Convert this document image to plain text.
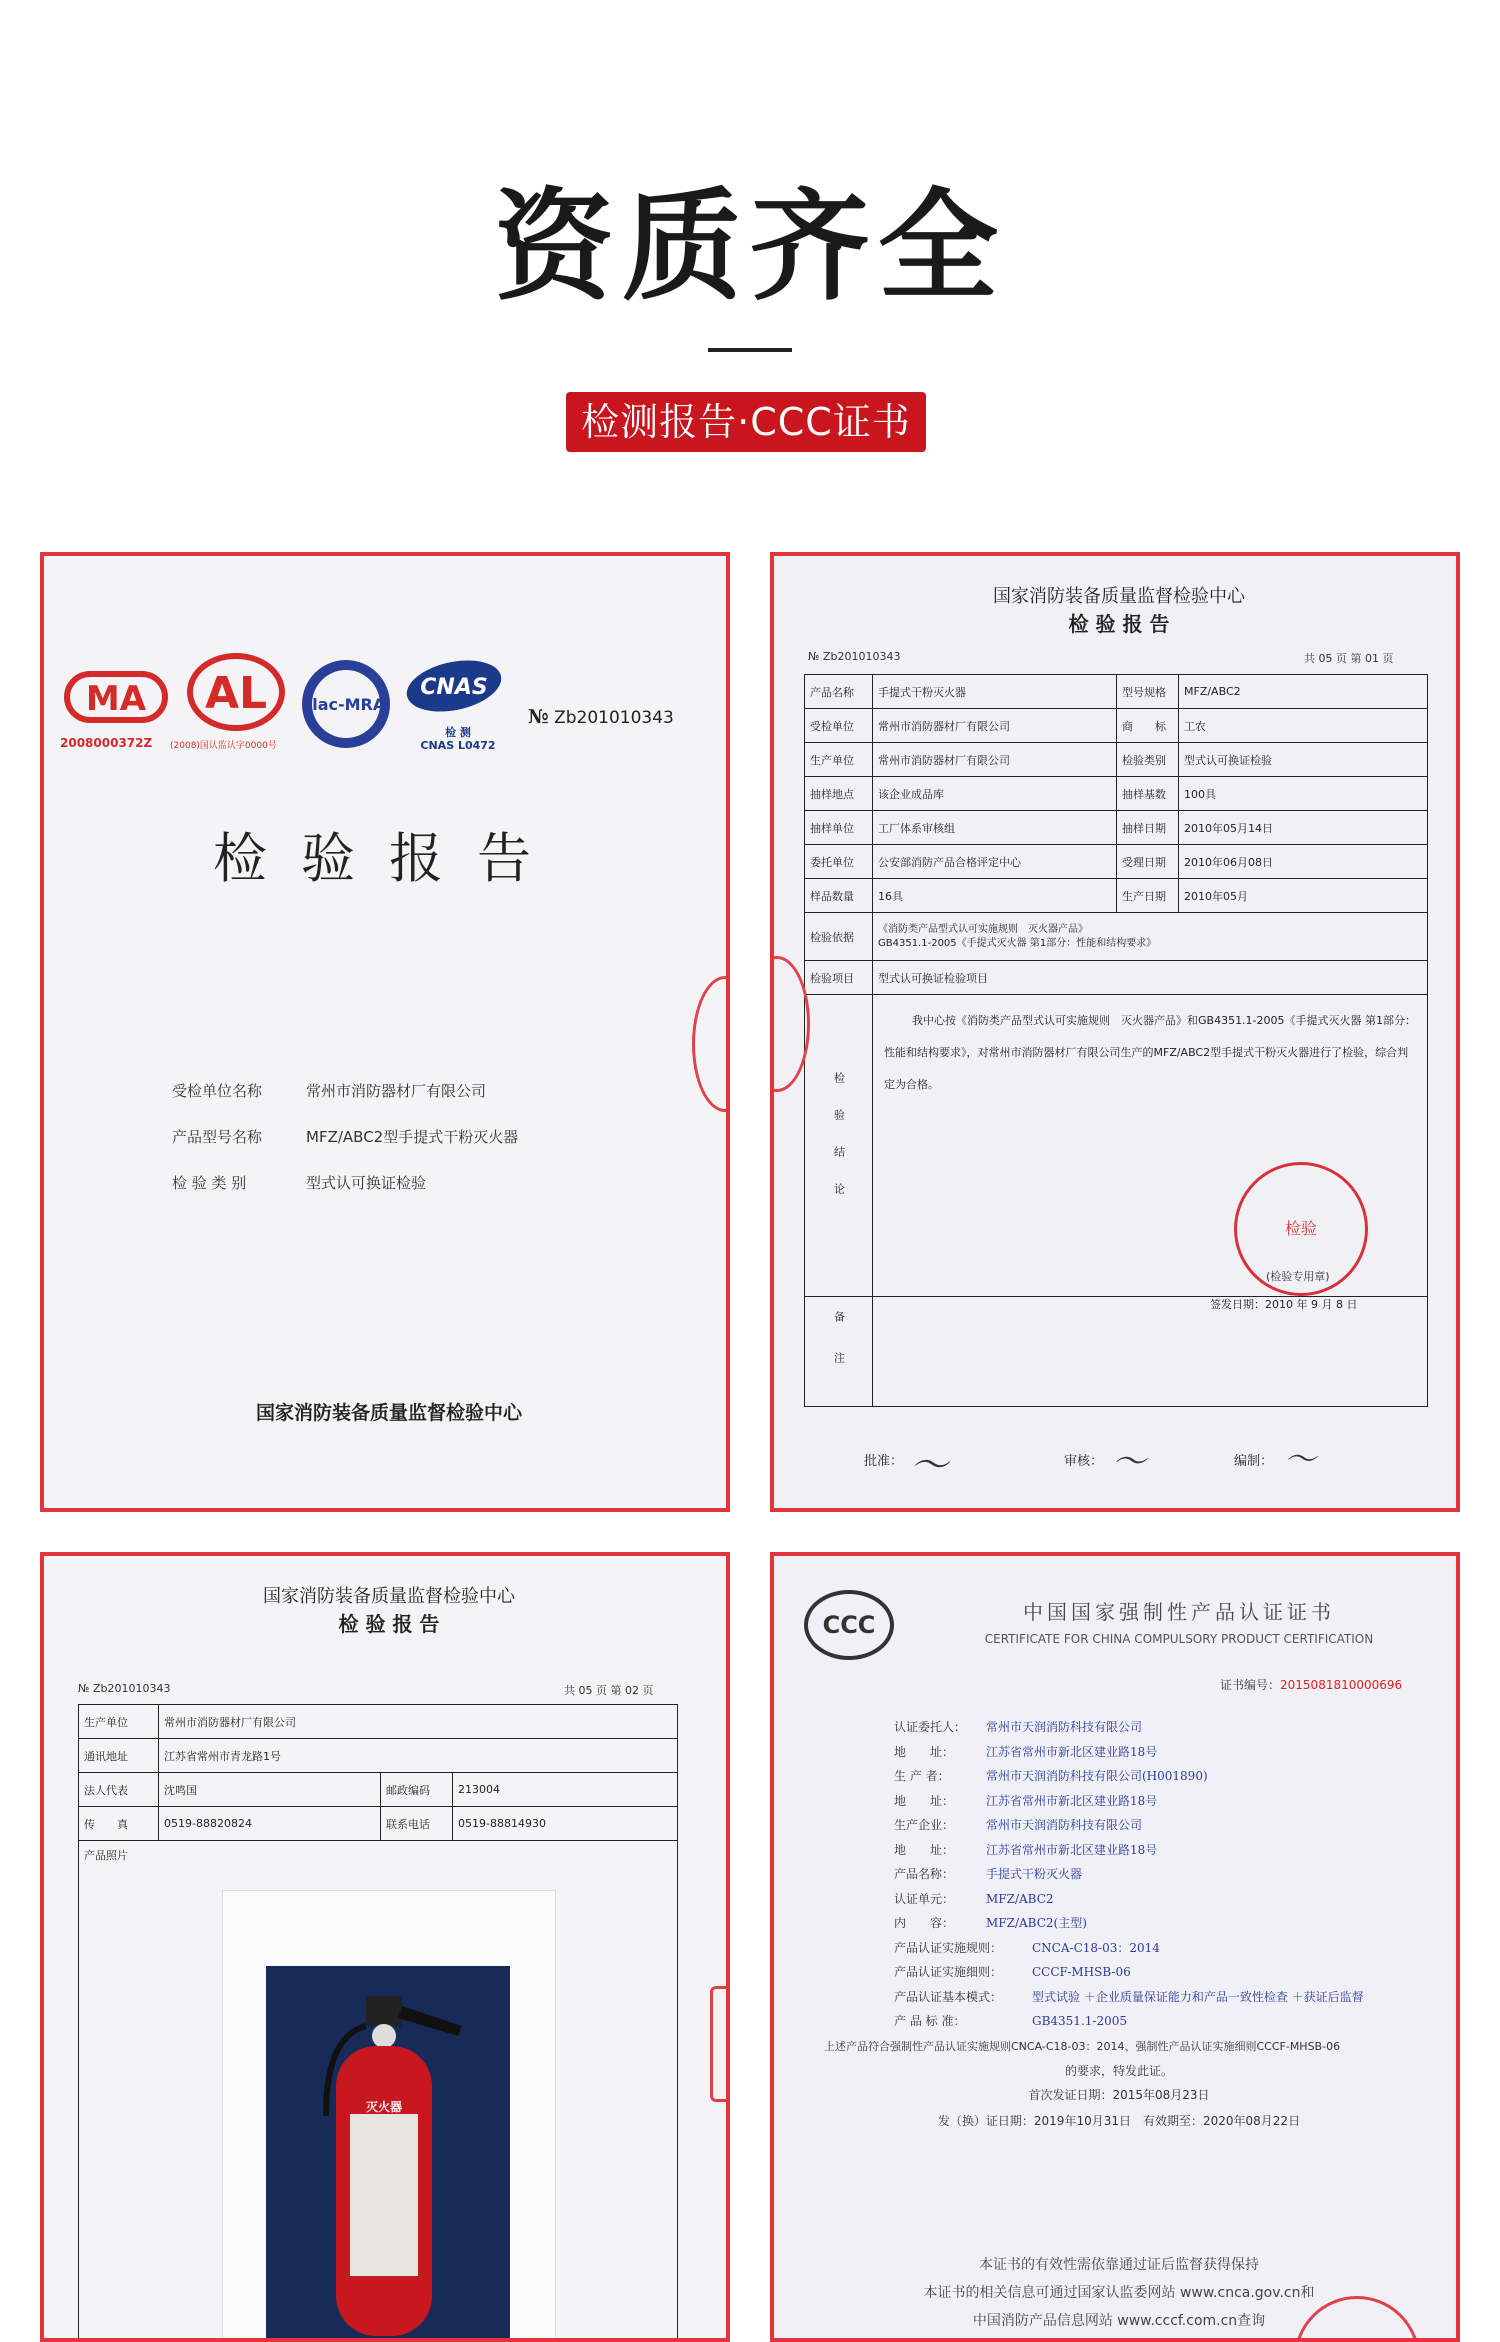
资质齐全
检测报告·CCC证书
MA AL ilac-MRA
CNAS
2008000372Z (2008)国认监认字0000号
检 测
CNAS L0472
№ Zb201010343
检验报告
受检单位名称	常州市消防器材厂有限公司
产品型号名称	MFZ/ABC2型手提式干粉灭火器
检 验 类 别	型式认可换证检验
国家消防装备质量监督检验中心
国家消防装备质量监督检验中心
检 验 报 告
№ Zb201010343	共 05 页 第 01 页
产品名称	手提式干粉灭火器	型号规格	MFZ/ABC2
受检单位	常州市消防器材厂有限公司	商　　标	工农
生产单位	常州市消防器材厂有限公司	检验类别	型式认可换证检验
抽样地点	该企业成品库	抽样基数	100具
抽样单位	工厂体系审核组	抽样日期	2010年05月14日
委托单位	公安部消防产品合格评定中心	受理日期	2010年06月08日
样品数量	16具	生产日期	2010年05月
检验依据	《消防类产品型式认可实施规则　灭火器产品》
GB4351.1-2005《手提式灭火器 第1部分：性能和结构要求》		
检验项目	型式认可换证检验项目		
检验结论	我中心按《消防类产品型式认可实施规则　灭火器产品》和GB4351.1-2005《手提式灭火器 第1部分：性能和结构要求》，对常州市消防器材厂有限公司生产的MFZ/ABC2型手提式干粉灭火器进行了检验，综合判定为合格。		

备注			
检验
(检验专用章)
签发日期：2010 年 9 月 8 日
批准： 〜	审核： 〜	编制： 〜
国家消防装备质量监督检验中心
检 验 报 告
№ Zb201010343	共 05 页 第 02 页
生产单位	常州市消防器材厂有限公司		
通讯地址	江苏省常州市青龙路1号		
法人代表	沈鸣国	邮政编码	213004
传　　真	0519-88820824	联系电话	0519-88814930
产品照片			
灭火器
CCC	中国国家强制性产品认证证书
CERTIFICATE FOR CHINA COMPULSORY PRODUCT CERTIFICATION
证书编号：2015081810000696
认证委托人： 常州市天润消防科技有限公司
地　　址：	江苏省常州市新北区建业路18号
生 产 者：	常州市天润消防科技有限公司(H001890)
地　　址：	江苏省常州市新北区建业路18号
生产企业：	常州市天润消防科技有限公司
地　　址：	江苏省常州市新北区建业路18号
产品名称：	手提式干粉灭火器
认证单元：	MFZ/ABC2
内　　容：	MFZ/ABC2(主型)
产品认证实施规则： CNCA-C18-03：2014
产品认证实施细则： CCCF-MHSB-06
产品认证基本模式： 型式试验 ＋企业质量保证能力和产品一致性检查 ＋获证后监督
产 品 标 准：	GB4351.1-2005
上述产品符合强制性产品认证实施规则CNCA-C18-03：2014、强制性产品认证实施细则CCCF-MHSB-06
的要求，特发此证。
首次发证日期：2015年08月23日
发（换）证日期：2019年10月31日　有效期至：2020年08月22日
本证书的有效性需依靠通过证后监督获得保持
本证书的相关信息可通过国家认监委网站 www.cnca.gov.cn和
中国消防产品信息网站 www.cccf.com.cn查询
